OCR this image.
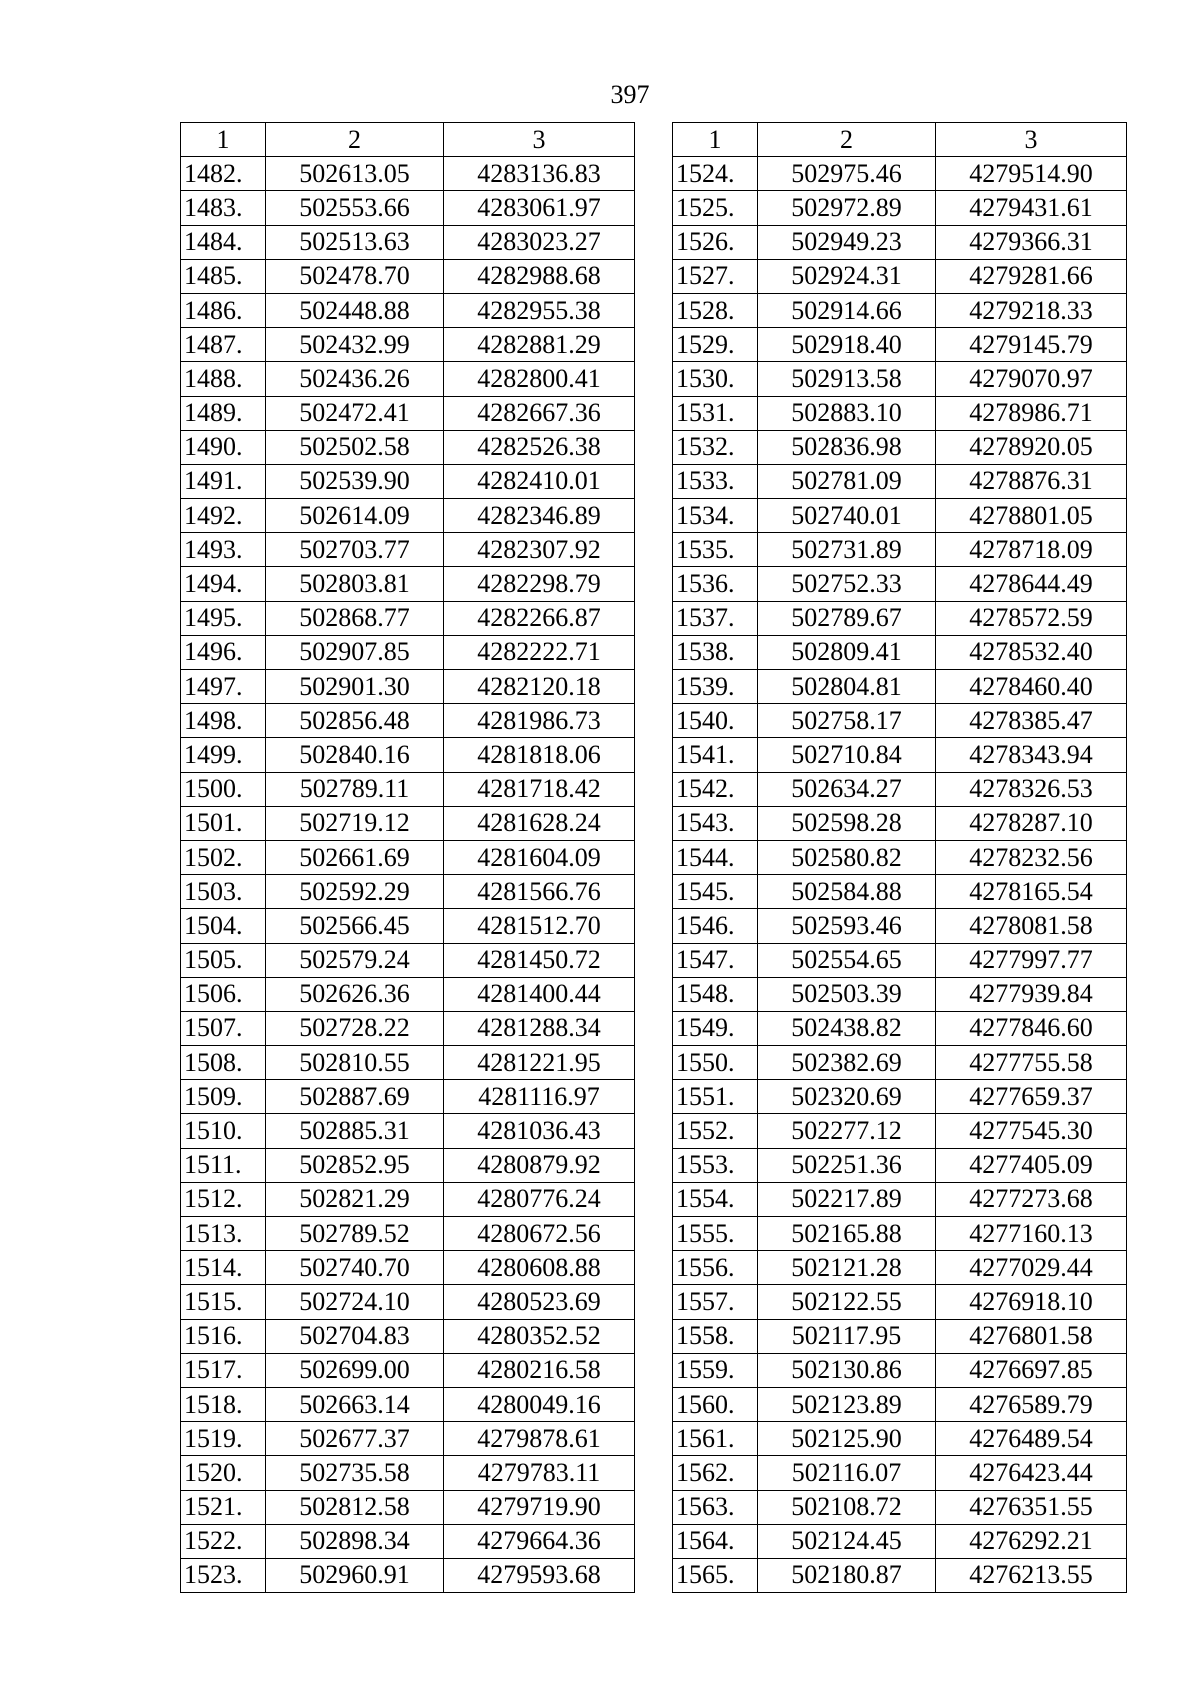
397
1	2	3
1482.	502613.05	4283136.83
1483.	502553.66	4283061.97
1484.	502513.63	4283023.27
1485.	502478.70	4282988.68
1486.	502448.88	4282955.38
1487.	502432.99	4282881.29
1488.	502436.26	4282800.41
1489.	502472.41	4282667.36
1490.	502502.58	4282526.38
1491.	502539.90	4282410.01
1492.	502614.09	4282346.89
1493.	502703.77	4282307.92
1494.	502803.81	4282298.79
1495.	502868.77	4282266.87
1496.	502907.85	4282222.71
1497.	502901.30	4282120.18
1498.	502856.48	4281986.73
1499.	502840.16	4281818.06
1500.	502789.11	4281718.42
1501.	502719.12	4281628.24
1502.	502661.69	4281604.09
1503.	502592.29	4281566.76
1504.	502566.45	4281512.70
1505.	502579.24	4281450.72
1506.	502626.36	4281400.44
1507.	502728.22	4281288.34
1508.	502810.55	4281221.95
1509.	502887.69	4281116.97
1510.	502885.31	4281036.43
1511.	502852.95	4280879.92
1512.	502821.29	4280776.24
1513.	502789.52	4280672.56
1514.	502740.70	4280608.88
1515.	502724.10	4280523.69
1516.	502704.83	4280352.52
1517.	502699.00	4280216.58
1518.	502663.14	4280049.16
1519.	502677.37	4279878.61
1520.	502735.58	4279783.11
1521.	502812.58	4279719.90
1522.	502898.34	4279664.36
1523.	502960.91	4279593.68
1	2	3
1524.	502975.46	4279514.90
1525.	502972.89	4279431.61
1526.	502949.23	4279366.31
1527.	502924.31	4279281.66
1528.	502914.66	4279218.33
1529.	502918.40	4279145.79
1530.	502913.58	4279070.97
1531.	502883.10	4278986.71
1532.	502836.98	4278920.05
1533.	502781.09	4278876.31
1534.	502740.01	4278801.05
1535.	502731.89	4278718.09
1536.	502752.33	4278644.49
1537.	502789.67	4278572.59
1538.	502809.41	4278532.40
1539.	502804.81	4278460.40
1540.	502758.17	4278385.47
1541.	502710.84	4278343.94
1542.	502634.27	4278326.53
1543.	502598.28	4278287.10
1544.	502580.82	4278232.56
1545.	502584.88	4278165.54
1546.	502593.46	4278081.58
1547.	502554.65	4277997.77
1548.	502503.39	4277939.84
1549.	502438.82	4277846.60
1550.	502382.69	4277755.58
1551.	502320.69	4277659.37
1552.	502277.12	4277545.30
1553.	502251.36	4277405.09
1554.	502217.89	4277273.68
1555.	502165.88	4277160.13
1556.	502121.28	4277029.44
1557.	502122.55	4276918.10
1558.	502117.95	4276801.58
1559.	502130.86	4276697.85
1560.	502123.89	4276589.79
1561.	502125.90	4276489.54
1562.	502116.07	4276423.44
1563.	502108.72	4276351.55
1564.	502124.45	4276292.21
1565.	502180.87	4276213.55
